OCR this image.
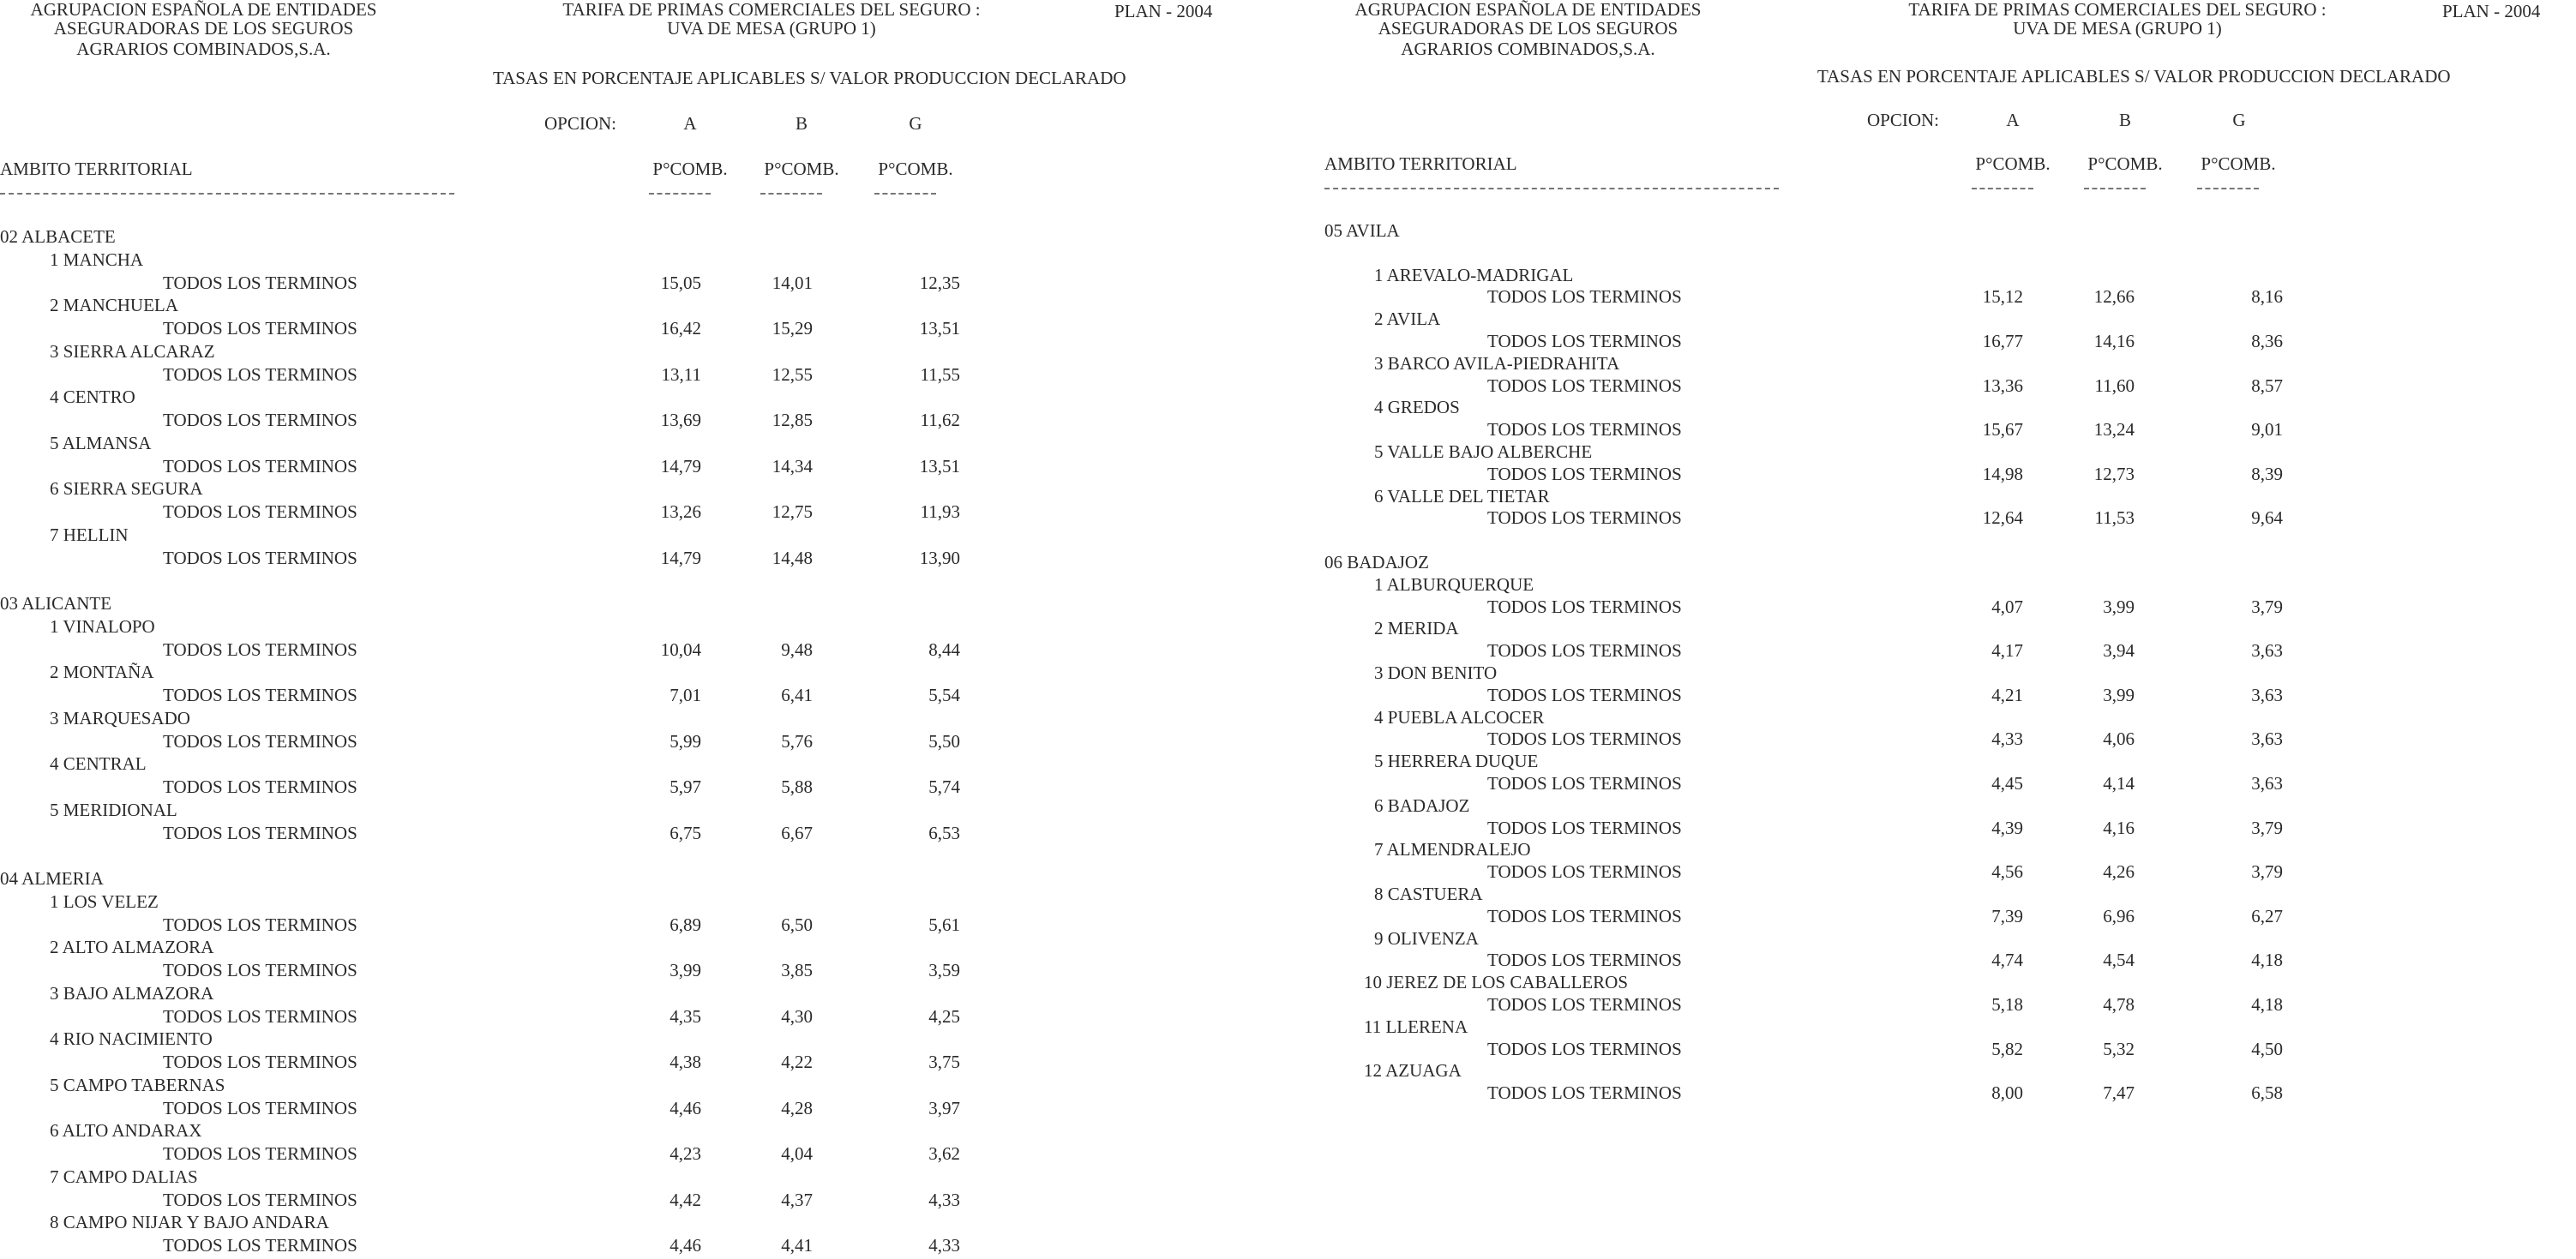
AGRUPACION ESPAÑOLA DE ENTIDADES
ASEGURADORAS DE LOS SEGUROS
AGRARIOS COMBINADOS,S.A.
TARIFA DE PRIMAS COMERCIALES DEL SEGURO :
UVA DE MESA (GRUPO 1)
PLAN - 2004
TASAS EN PORCENTAJE APLICABLES S/ VALOR PRODUCCION DECLARADO
OPCION:	A	B	G
AMBITO TERRITORIAL	P°COMB.	P°COMB.	P°COMB.
02 ALBACETE
1 MANCHA
TODOS LOS TERMINOS	15,05	14,01	12,35
2 MANCHUELA
TODOS LOS TERMINOS	16,42	15,29	13,51
3 SIERRA ALCARAZ
TODOS LOS TERMINOS	13,11	12,55	11,55
4 CENTRO
TODOS LOS TERMINOS	13,69	12,85	11,62
5 ALMANSA
TODOS LOS TERMINOS	14,79	14,34	13,51
6 SIERRA SEGURA
TODOS LOS TERMINOS	13,26	12,75	11,93
7 HELLIN
TODOS LOS TERMINOS	14,79	14,48	13,90
03 ALICANTE
1 VINALOPO
TODOS LOS TERMINOS	10,04	9,48	8,44
2 MONTAÑA
TODOS LOS TERMINOS	7,01	6,41	5,54
3 MARQUESADO
TODOS LOS TERMINOS	5,99	5,76	5,50
4 CENTRAL
TODOS LOS TERMINOS	5,97	5,88	5,74
5 MERIDIONAL
TODOS LOS TERMINOS	6,75	6,67	6,53
04 ALMERIA
1 LOS VELEZ
TODOS LOS TERMINOS	6,89	6,50	5,61
2 ALTO ALMAZORA
TODOS LOS TERMINOS	3,99	3,85	3,59
3 BAJO ALMAZORA
TODOS LOS TERMINOS	4,35	4,30	4,25
4 RIO NACIMIENTO
TODOS LOS TERMINOS	4,38	4,22	3,75
5 CAMPO TABERNAS
TODOS LOS TERMINOS	4,46	4,28	3,97
6 ALTO ANDARAX
TODOS LOS TERMINOS	4,23	4,04	3,62
7 CAMPO DALIAS
TODOS LOS TERMINOS	4,42	4,37	4,33
8 CAMPO NIJAR Y BAJO ANDARA
TODOS LOS TERMINOS	4,46	4,41	4,33
AGRUPACION ESPAÑOLA DE ENTIDADES
ASEGURADORAS DE LOS SEGUROS
AGRARIOS COMBINADOS,S.A.
TARIFA DE PRIMAS COMERCIALES DEL SEGURO :
UVA DE MESA (GRUPO 1)
PLAN - 2004
TASAS EN PORCENTAJE APLICABLES S/ VALOR PRODUCCION DECLARADO
OPCION:	A	B	G
AMBITO TERRITORIAL	P°COMB.	P°COMB.	P°COMB.
05 AVILA
1 AREVALO-MADRIGAL
TODOS LOS TERMINOS	15,12	12,66	8,16
2 AVILA
TODOS LOS TERMINOS	16,77	14,16	8,36
3 BARCO AVILA-PIEDRAHITA
TODOS LOS TERMINOS	13,36	11,60	8,57
4 GREDOS
TODOS LOS TERMINOS	15,67	13,24	9,01
5 VALLE BAJO ALBERCHE
TODOS LOS TERMINOS	14,98	12,73	8,39
6 VALLE DEL TIETAR
TODOS LOS TERMINOS	12,64	11,53	9,64
06 BADAJOZ
1 ALBURQUERQUE
TODOS LOS TERMINOS	4,07	3,99	3,79
2 MERIDA
TODOS LOS TERMINOS	4,17	3,94	3,63
3 DON BENITO
TODOS LOS TERMINOS	4,21	3,99	3,63
4 PUEBLA ALCOCER
TODOS LOS TERMINOS	4,33	4,06	3,63
5 HERRERA DUQUE
TODOS LOS TERMINOS	4,45	4,14	3,63
6 BADAJOZ
TODOS LOS TERMINOS	4,39	4,16	3,79
7 ALMENDRALEJO
TODOS LOS TERMINOS	4,56	4,26	3,79
8 CASTUERA
TODOS LOS TERMINOS	7,39	6,96	6,27
9 OLIVENZA
TODOS LOS TERMINOS	4,74	4,54	4,18
10 JEREZ DE LOS CABALLEROS
TODOS LOS TERMINOS	5,18	4,78	4,18
11 LLERENA
TODOS LOS TERMINOS	5,82	5,32	4,50
12 AZUAGA
TODOS LOS TERMINOS	8,00	7,47	6,58
